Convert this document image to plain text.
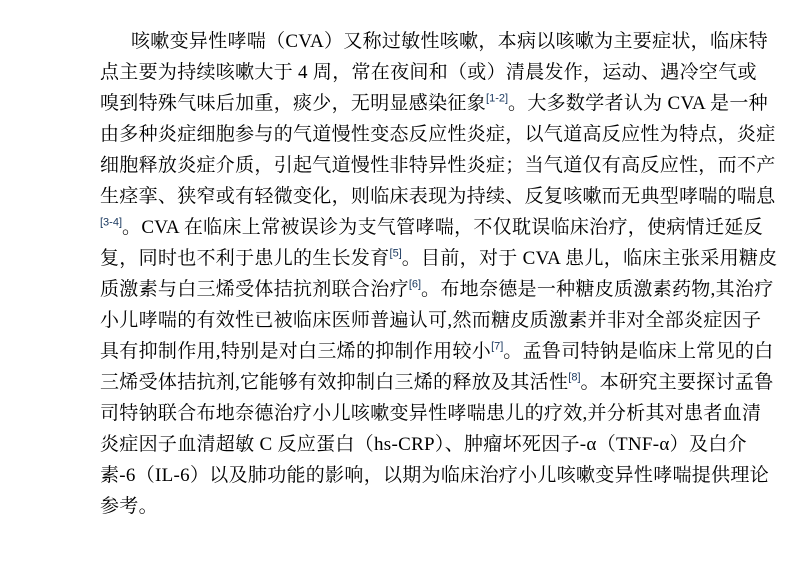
咳嗽变异性哮喘（CVA）又称过敏性咳嗽，本病以咳嗽为主要症状，临床特
点主要为持续咳嗽大于 4 周，常在夜间和（或）清晨发作，运动、遇冷空气或
嗅到特殊气味后加重，痰少，无明显感染征象[1-2]。大多数学者认为 CVA 是一种
由多种炎症细胞参与的气道慢性变态反应性炎症，以气道高反应性为特点，炎症
细胞释放炎症介质，引起气道慢性非特异性炎症；当气道仅有高反应性，而不产
生痉挛、狭窄或有轻微变化，则临床表现为持续、反复咳嗽而无典型哮喘的喘息
[3-4]。CVA 在临床上常被误诊为支气管哮喘，不仅耽误临床治疗，使病情迁延反
复，同时也不利于患儿的生长发育[5]。目前，对于 CVA 患儿，临床主张采用糖皮
质激素与白三烯受体拮抗剂联合治疗[6]。布地奈德是一种糖皮质激素药物,其治疗
小儿哮喘的有效性已被临床医师普遍认可,然而糖皮质激素并非对全部炎症因子
具有抑制作用,特别是对白三烯的抑制作用较小[7]。孟鲁司特钠是临床上常见的白
三烯受体拮抗剂,它能够有效抑制白三烯的释放及其活性[8]。本研究主要探讨孟鲁
司特钠联合布地奈德治疗小儿咳嗽变异性哮喘患儿的疗效,并分析其对患者血清
炎症因子血清超敏 C 反应蛋白（hs-CRP）、肿瘤坏死因子-α（TNF-α）及白介
素-6（IL-6）以及肺功能的影响，以期为临床治疗小儿咳嗽变异性哮喘提供理论
参考。
